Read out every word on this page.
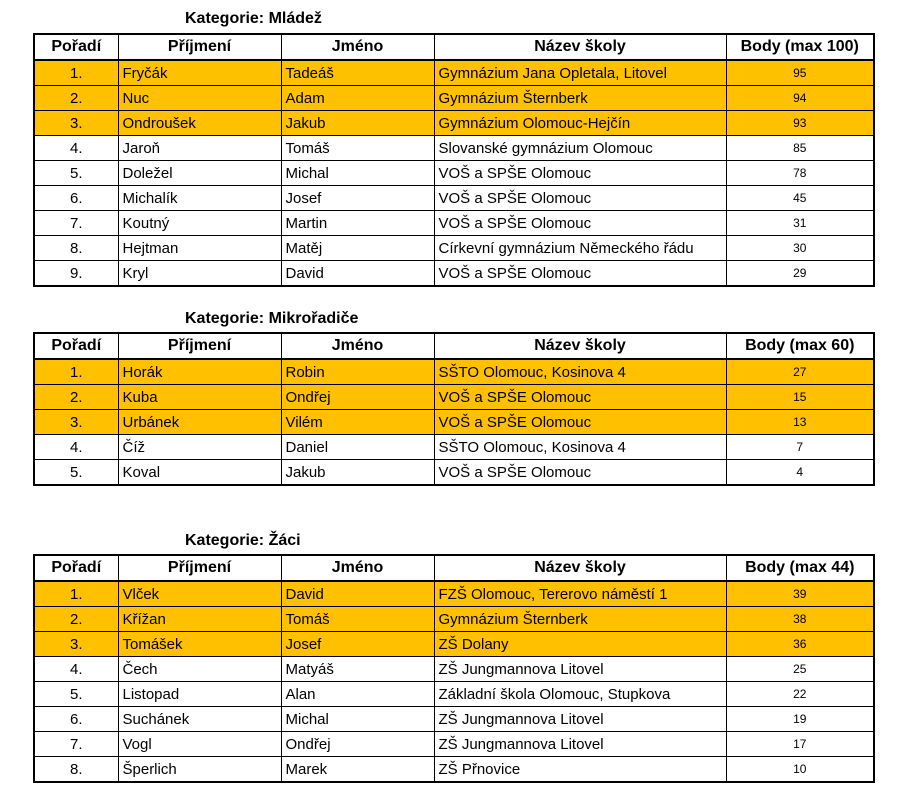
Kategorie: Mládež
Pořadí	Příjmení	Jméno	Název školy	Body (max 100)
1.	Fryčák	Tadeáš	Gymnázium Jana Opletala, Litovel	95
2.	Nuc	Adam	Gymnázium Šternberk	94
3.	Ondroušek	Jakub	Gymnázium Olomouc-Hejčín	93
4.	Jaroň	Tomáš	Slovanské gymnázium Olomouc	85
5.	Doležel	Michal	VOŠ a SPŠE Olomouc	78
6.	Michalík	Josef	VOŠ a SPŠE Olomouc	45
7.	Koutný	Martin	VOŠ a SPŠE Olomouc	31
8.	Hejtman	Matěj	Církevní gymnázium Německého řádu	30
9.	Kryl	David	VOŠ a SPŠE Olomouc	29
Kategorie: Mikrořadiče
Pořadí	Příjmení	Jméno	Název školy	Body (max 60)
1.	Horák	Robin	SŠTO Olomouc, Kosinova 4	27
2.	Kuba	Ondřej	VOŠ a SPŠE Olomouc	15
3.	Urbánek	Vilém	VOŠ a SPŠE Olomouc	13
4.	Číž	Daniel	SŠTO Olomouc, Kosinova 4	7
5.	Koval	Jakub	VOŠ a SPŠE Olomouc	4
Kategorie: Žáci
Pořadí	Příjmení	Jméno	Název školy	Body (max 44)
1.	Vlček	David	FZŠ Olomouc, Tererovo náměstí 1	39
2.	Křížan	Tomáš	Gymnázium Šternberk	38
3.	Tomášek	Josef	ZŠ Dolany	36
4.	Čech	Matyáš	ZŠ Jungmannova Litovel	25
5.	Listopad	Alan	Základní škola Olomouc, Stupkova	22
6.	Suchánek	Michal	ZŠ Jungmannova Litovel	19
7.	Vogl	Ondřej	ZŠ Jungmannova Litovel	17
8.	Šperlich	Marek	ZŠ Přnovice	10
